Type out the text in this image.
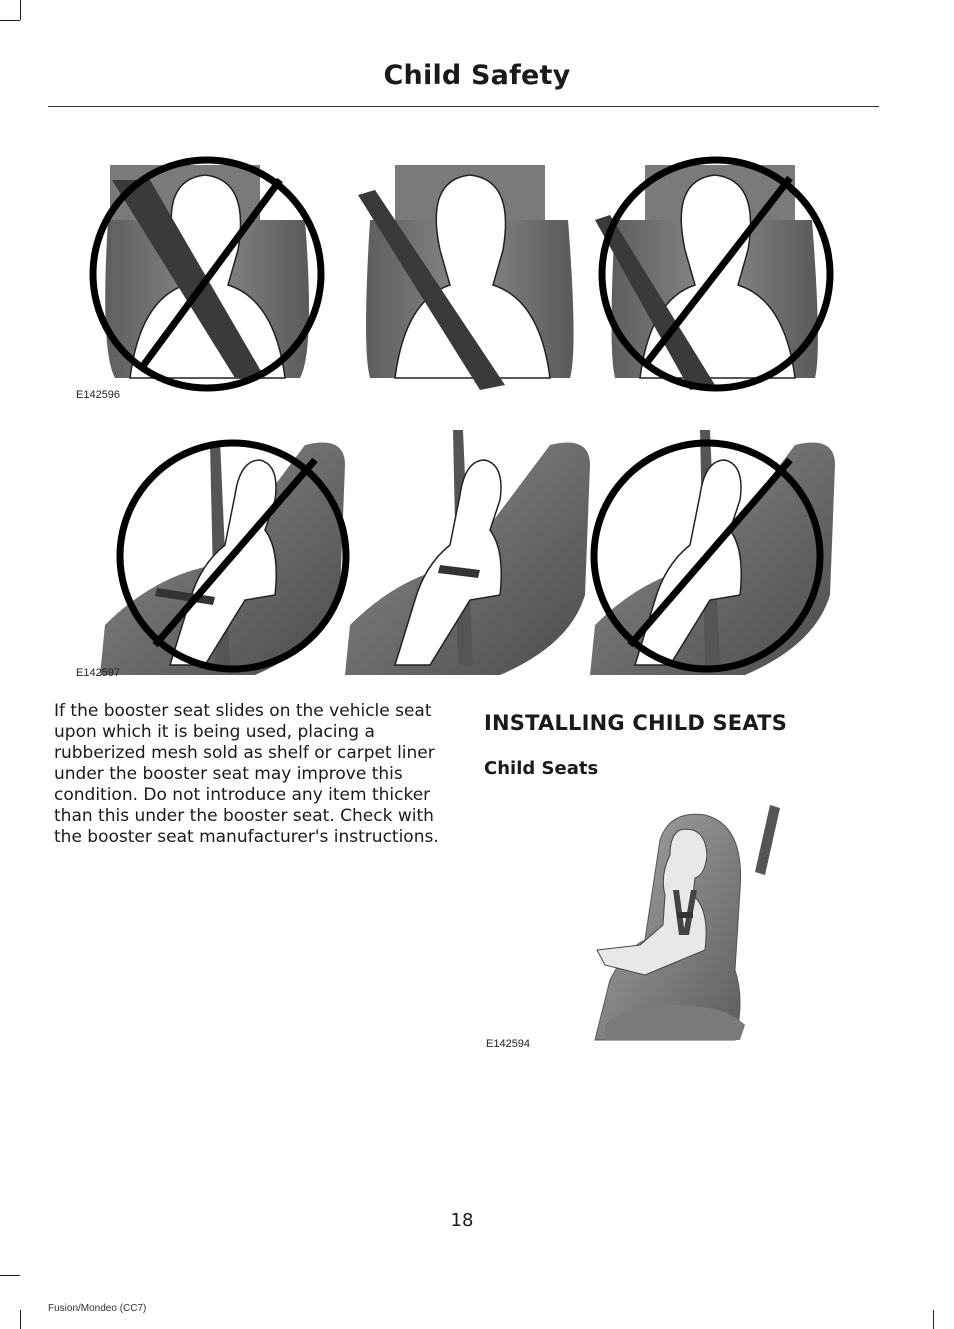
Child Safety
E142596
E142597

If the booster seat slides on the vehicle seat upon which it is being used, placing a rubberized mesh sold as shelf or carpet liner under the booster seat may improve this condition. Do not introduce any item thicker than this under the booster seat. Check with the booster seat manufacturer's instructions.

INSTALLING CHILD SEATS
Child Seats
E142594
18
Fusion/Mondeo (CC7)
